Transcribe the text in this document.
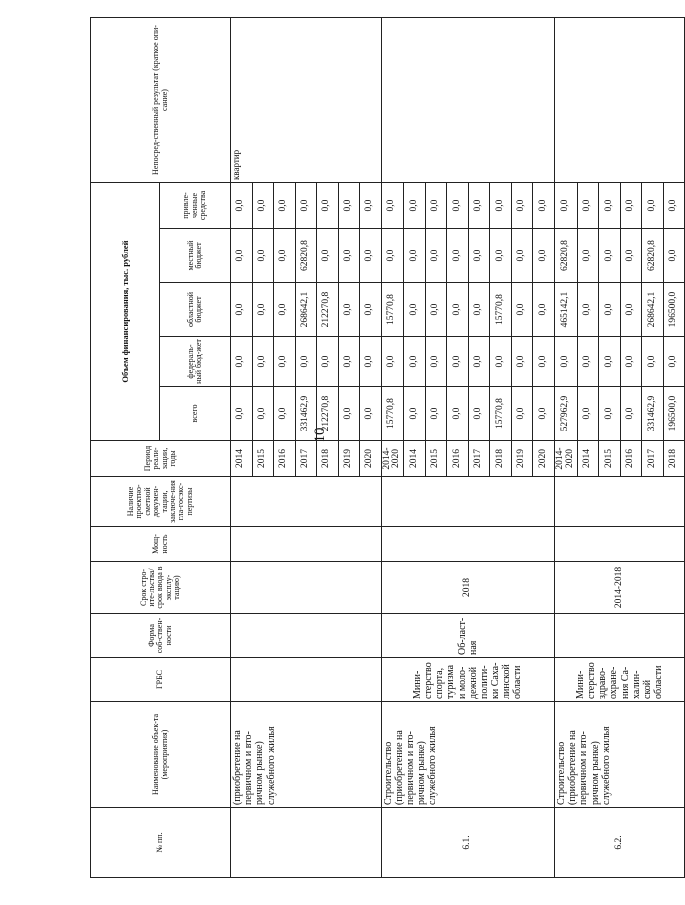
10
№ пп.	Наименование объек-та (мероприятия)	ГРБС	Форма соб-ствен-ности	Срок стро-ите-льства/срок ввода в эксплу-тацию)	Мощ-ность	Наличие проектно-сметной докумен-тации, заключе-ния гла-госэкс-пертизы	Период реали-зации, годы	Объем финансирования, тыс. рублей					Непосред-ственный результат (краткое опи-сание)
								всего	федераль-ный бюд-жет	областной бюджет	местный бюджет	привле-ченные средства	
	(приобретение на первичном и вто-ричном рынке) служебного жилья						2014	0,0	0,0	0,0	0,0	0,0	квартир
							2015	0,0	0,0	0,0	0,0	0,0	
							2016	0,0	0,0	0,0	0,0	0,0	
							2017	331462,9	0,0	268642,1	62820,8	0,0	
							2018	212270,8	0,0	212270,8	0,0	0,0	
							2019	0,0	0,0	0,0	0,0	0,0	
							2020	0,0	0,0	0,0	0,0	0,0	
6.1.	Строительство (приобретение на первичном и вто-ричном рынке) служебного жилья	Мини-стерство спорта, туризма и моло-дежной полити-ки Саха-линской области	Об-ласт-ная	2018			2014-2020	15770,8	0,0	15770,8	0,0	0,0	
							2014	0,0	0,0	0,0	0,0	0,0	
							2015	0,0	0,0	0,0	0,0	0,0	
							2016	0,0	0,0	0,0	0,0	0,0	
							2017	0,0	0,0	0,0	0,0	0,0	
							2018	15770,8	0,0	15770,8	0,0	0,0	
							2019	0,0	0,0	0,0	0,0	0,0	
							2020	0,0	0,0	0,0	0,0	0,0	
6.2.	Строительство (приобретение на первичном и вто-ричном рынке) служебного жилья	Мини-стерство здраво-охране-ния Са-халин-ской области		2014-2018			2014-2020	527962,9	0,0	465142,1	62820,8	0,0	
							2014	0,0	0,0	0,0	0,0	0,0	
							2015	0,0	0,0	0,0	0,0	0,0	
							2016	0,0	0,0	0,0	0,0	0,0	
							2017	331462,9	0,0	268642,1	62820,8	0,0	
							2018	196500,0	0,0	196500,0	0,0	0,0	
